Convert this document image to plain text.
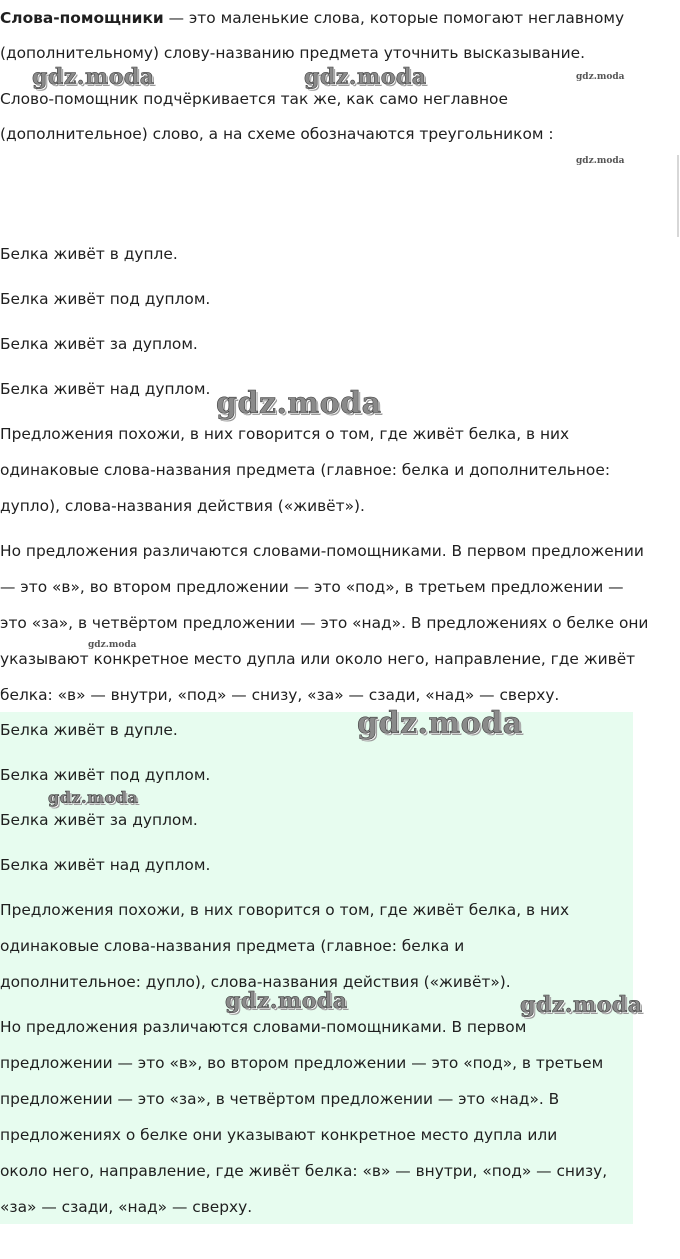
Слова-помощники — это маленькие слова, которые помогают неглавному

(дополнительному) слову-названию предмета уточнить высказывание.

Слово-помощник подчёркивается так же, как само неглавное

(дополнительное) слово, а на схеме обозначаются треугольником :

Белка живёт в дупле.

Белка живёт под дуплом.

Белка живёт за дуплом.

Белка живёт над дуплом.

Предложения похожи, в них говорится о том, где живёт белка, в них

одинаковые слова-названия предмета (главное: белка и дополнительное:

дупло), слова-названия действия («живёт»).

Но предложения различаются словами-помощниками. В первом предложении

— это «в», во втором предложении — это «под», в третьем предложении —

это «за», в четвёртом предложении — это «над». В предложениях о белке они

указывают конкретное место дупла или около него, направление, где живёт

белка: «в» — внутри, «под» — снизу, «за» — сзади, «над» — сверху.

Белка живёт в дупле.

Белка живёт под дуплом.

Белка живёт за дуплом.

Белка живёт над дуплом.

Предложения похожи, в них говорится о том, где живёт белка, в них

одинаковые слова-названия предмета (главное: белка и

дополнительное: дупло), слова-названия действия («живёт»).

Но предложения различаются словами-помощниками. В первом

предложении — это «в», во втором предложении — это «под», в третьем

предложении — это «за», в четвёртом предложении — это «над». В

предложениях о белке они указывают конкретное место дупла или

около него, направление, где живёт белка: «в» — внутри, «под» — снизу,

«за» — сзади, «над» — сверху.

gdz.moda	gdz.moda	gdz.moda
gdz.moda
gdz.moda
gdz.moda
gdz.moda
gdz.moda
gdz.moda	gdz.moda
